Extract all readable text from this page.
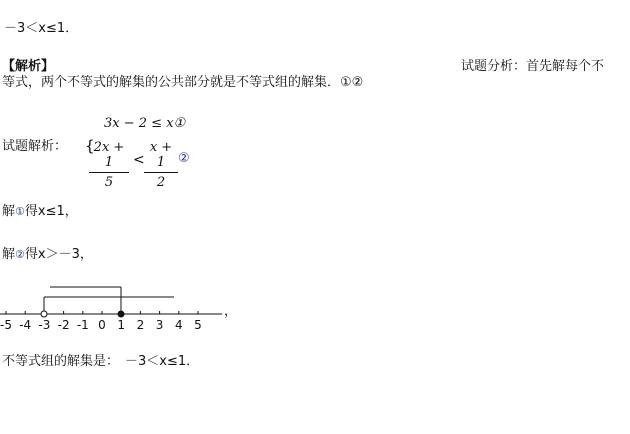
－3＜x≤1．
【解析】	试题分析：首先解每个不
等式，两个不等式的解集的公共部分就是不等式组的解集．①②
试题解析： {
3x − 2 ≤ x①
2x + 1
5
<
x + 1
2
②
解①得x≤1，
解②得x＞－3，
-5 -4 -3 -2 -1 0 1 2 3 4 5
，
不等式组的解集是： －3＜x≤1．
